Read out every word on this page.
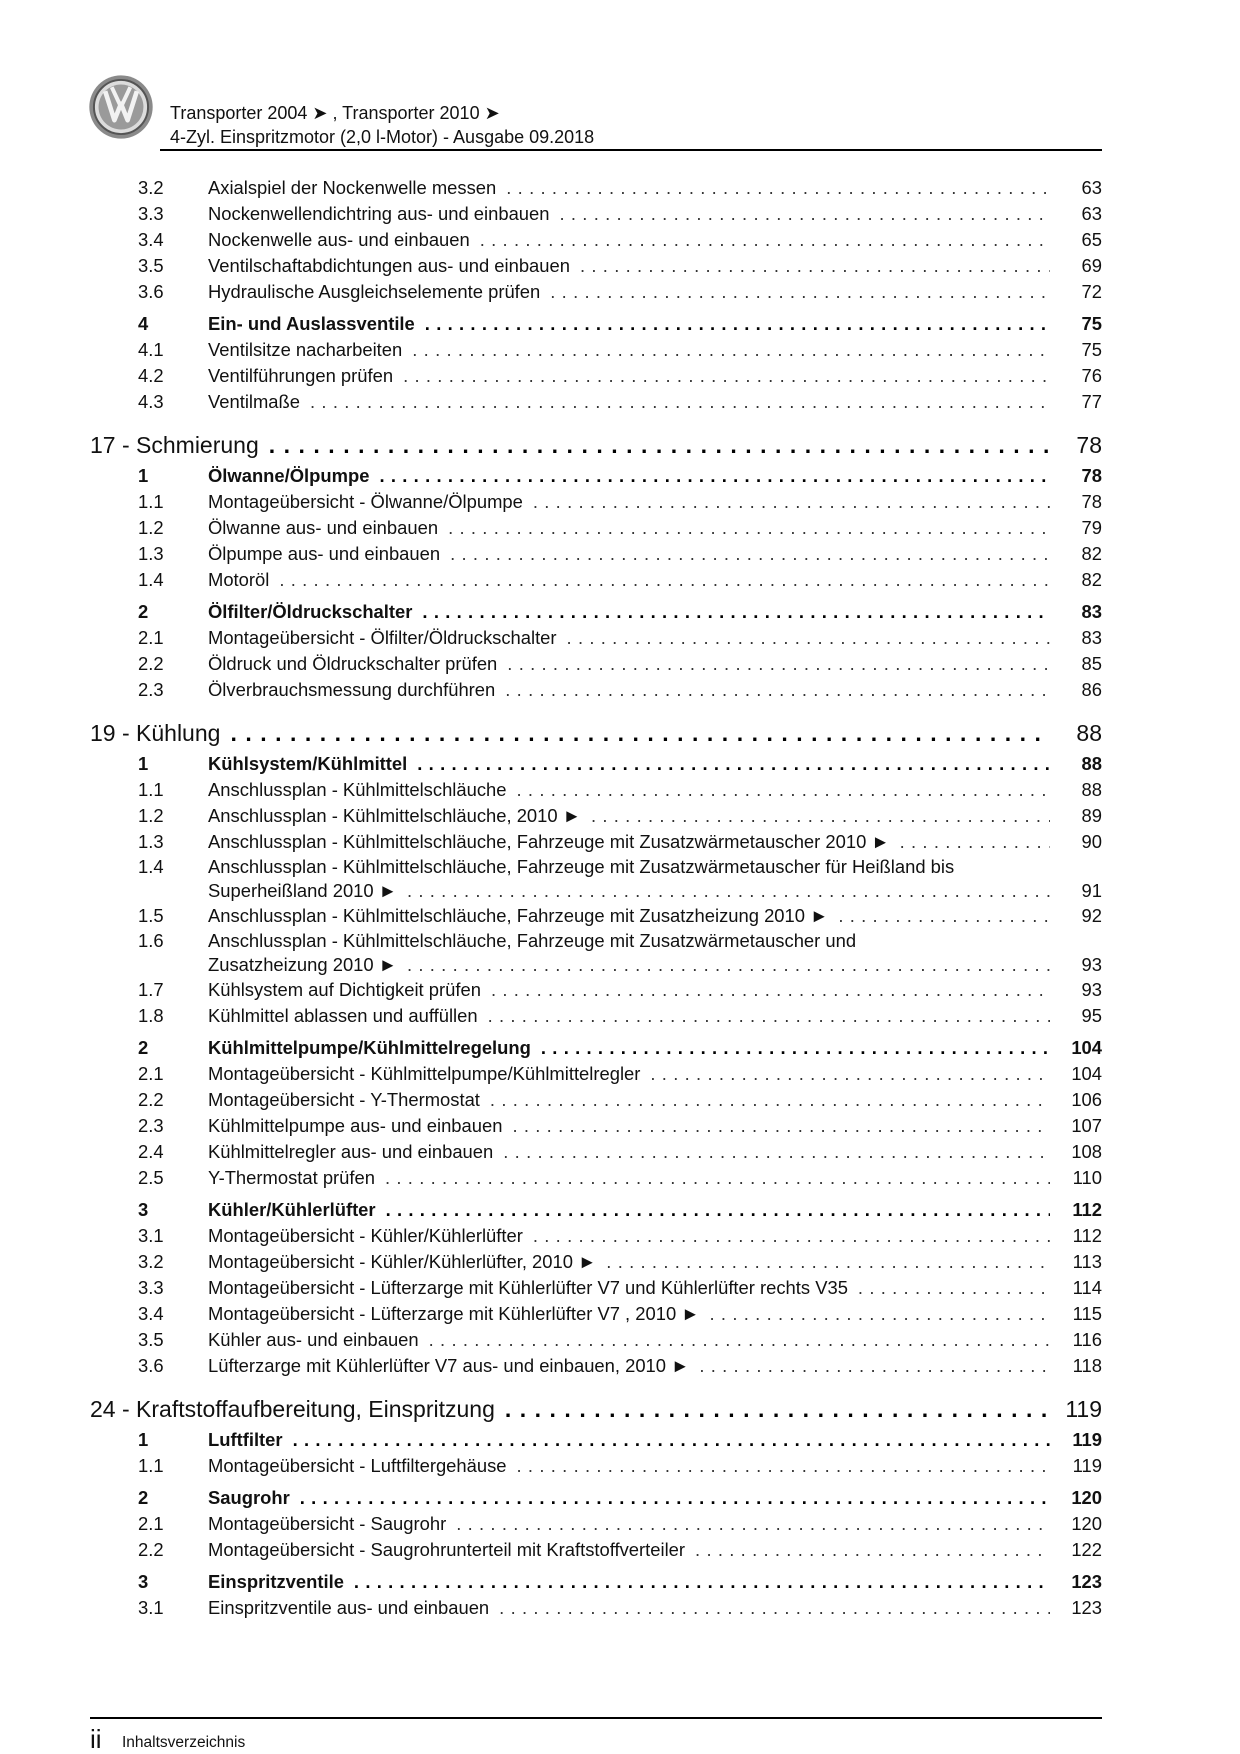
Transporter 2004 ➤ , Transporter 2010 ➤
4-Zyl. Einspritzmotor (2,0 l-Motor) - Ausgabe 09.2018
3.2 Axialspiel der Nockenwelle messen .....	63
3.3 Nockenwellendichtring aus- und einbauen .....	63
3.4 Nockenwelle aus- und einbauen .....	65
3.5 Ventilschaftabdichtungen aus- und einbauen .....	69
3.6 Hydraulische Ausgleichselemente prüfen .....	72
4	Ein- und Auslassventile .....	75
4.1 Ventilsitze nacharbeiten .....	75
4.2 Ventilführungen prüfen .....	76
4.3 Ventilmaße .....	77
17 - Schmierung .....	78
1	Ölwanne/Ölpumpe .....	78
1.1 Montageübersicht - Ölwanne/Ölpumpe .....	78
1.2 Ölwanne aus- und einbauen .....	79
1.3 Ölpumpe aus- und einbauen .....	82
1.4 Motoröl .....	82
2	Ölfilter/Öldruckschalter .....	83
2.1 Montageübersicht - Ölfilter/Öldruckschalter .....	83
2.2 Öldruck und Öldruckschalter prüfen .....	85
2.3 Ölverbrauchsmessung durchführen .....	86
19 - Kühlung .....	88
1	Kühlsystem/Kühlmittel .....	88
1.1 Anschlussplan - Kühlmittelschläuche .....	88
1.2 Anschlussplan - Kühlmittelschläuche, 2010 ► .....	89
1.3 Anschlussplan - Kühlmittelschläuche, Fahrzeuge mit Zusatzwärmetauscher 2010 ► .....	90
1.4 Anschlussplan - Kühlmittelschläuche, Fahrzeuge mit Zusatzwärmetauscher für Heißland bis
Superheißland 2010 ► .....	91
1.5 Anschlussplan - Kühlmittelschläuche, Fahrzeuge mit Zusatzheizung 2010 ► .....	92
1.6 Anschlussplan - Kühlmittelschläuche, Fahrzeuge mit Zusatzwärmetauscher und
Zusatzheizung 2010 ► .....	93
1.7 Kühlsystem auf Dichtigkeit prüfen .....	93
1.8 Kühlmittel ablassen und auffüllen .....	95
2	Kühlmittelpumpe/Kühlmittelregelung .....	104
2.1 Montageübersicht - Kühlmittelpumpe/Kühlmittelregler .....	104
2.2 Montageübersicht - Y-Thermostat .....	106
2.3 Kühlmittelpumpe aus- und einbauen .....	107
2.4 Kühlmittelregler aus- und einbauen .....	108
2.5 Y-Thermostat prüfen .....	110
3	Kühler/Kühlerlüfter .....	112
3.1 Montageübersicht - Kühler/Kühlerlüfter .....	112
3.2 Montageübersicht - Kühler/Kühlerlüfter, 2010 ► .....	113
3.3 Montageübersicht - Lüfterzarge mit Kühlerlüfter V7 und Kühlerlüfter rechts V35 .....	114
3.4 Montageübersicht - Lüfterzarge mit Kühlerlüfter V7 , 2010 ► .....	115
3.5 Kühler aus- und einbauen .....	116
3.6 Lüfterzarge mit Kühlerlüfter V7 aus- und einbauen, 2010 ► .....	118
24 - Kraftstoffaufbereitung, Einspritzung .....	119
1	Luftfilter .....	119
1.1 Montageübersicht - Luftfiltergehäuse .....	119
2	Saugrohr .....	120
2.1 Montageübersicht - Saugrohr .....	120
2.2 Montageübersicht - Saugrohrunterteil mit Kraftstoffverteiler .....	122
3	Einspritzventile .....	123
3.1 Einspritzventile aus- und einbauen .....	123
ii Inhaltsverzeichnis
